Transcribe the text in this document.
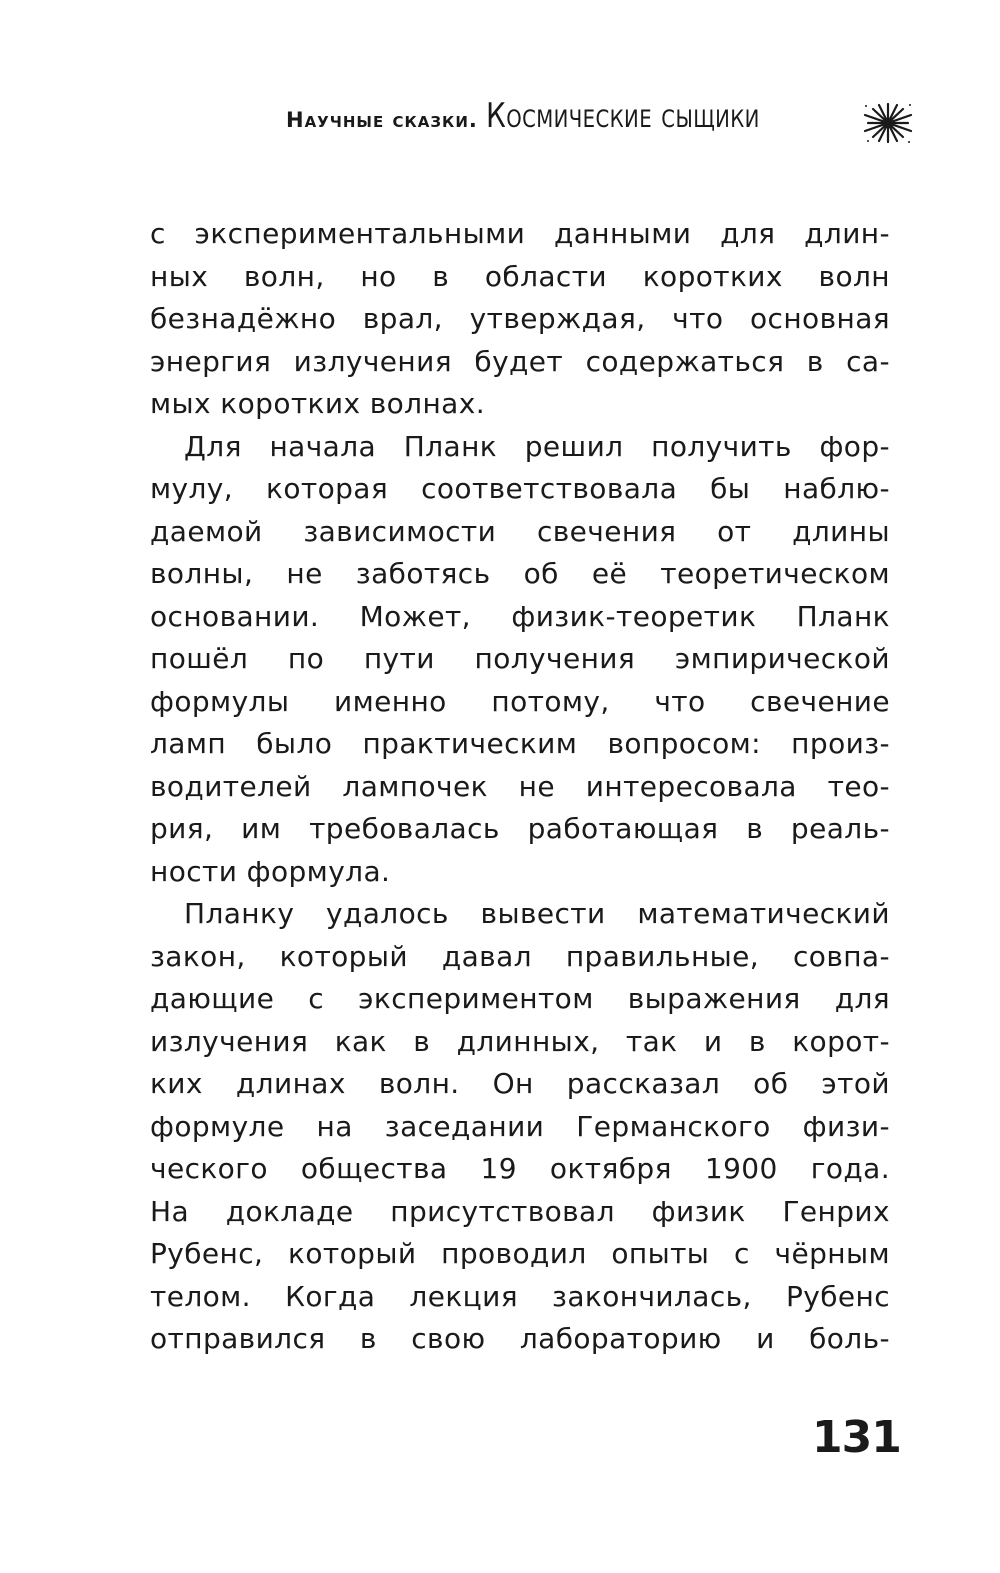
Научные сказки. Космические сыщики
с экспериментальными данными для длин-
ных волн, но в области коротких волн
безнадёжно врал, утверждая, что основная
энергия излучения будет содержаться в са-
мых коротких волнах.
Для начала Планк решил получить фор-
мулу, которая соответствовала бы наблю-
даемой зависимости свечения от длины
волны, не заботясь об её теоретическом
основании. Может, физик-теоретик Планк
пошёл по пути получения эмпирической
формулы именно потому, что свечение
ламп было практическим вопросом: произ-
водителей лампочек не интересовала тео-
рия, им требовалась работающая в реаль-
ности формула.
Планку удалось вывести математический
закон, который давал правильные, совпа-
дающие с экспериментом выражения для
излучения как в длинных, так и в корот-
ких длинах волн. Он рассказал об этой
формуле на заседании Германского физи-
ческого общества 19 октября 1900 года.
На докладе присутствовал физик Генрих
Рубенс, который проводил опыты с чёрным
телом. Когда лекция закончилась, Рубенс
отправился в свою лабораторию и боль-
131
